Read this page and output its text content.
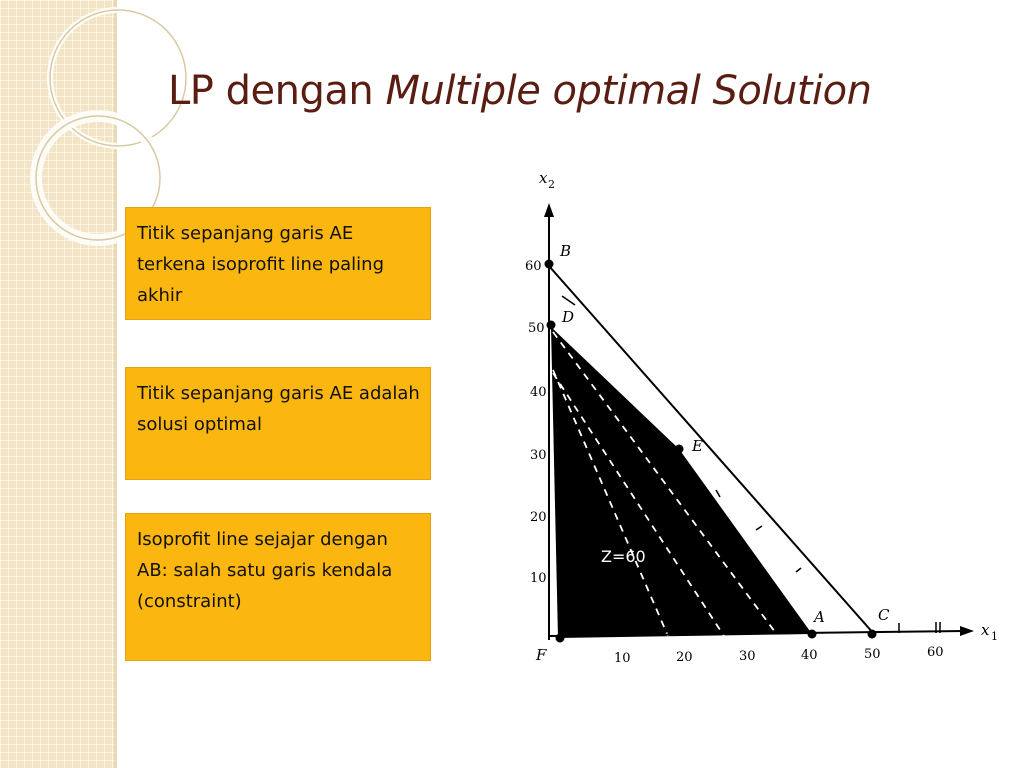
LP dengan Multiple optimal Solution
Titik sepanjang garis AE terkena isoprofit line paling akhir
Titik sepanjang garis AE adalah solusi optimal
Isoprofit line sejajar dengan AB: salah satu garis kendala (constraint)
x 2
x 1
10
20
30
40
50
60
10	20	30	40	50	60
B
D
E
A	C
F
Z=60
